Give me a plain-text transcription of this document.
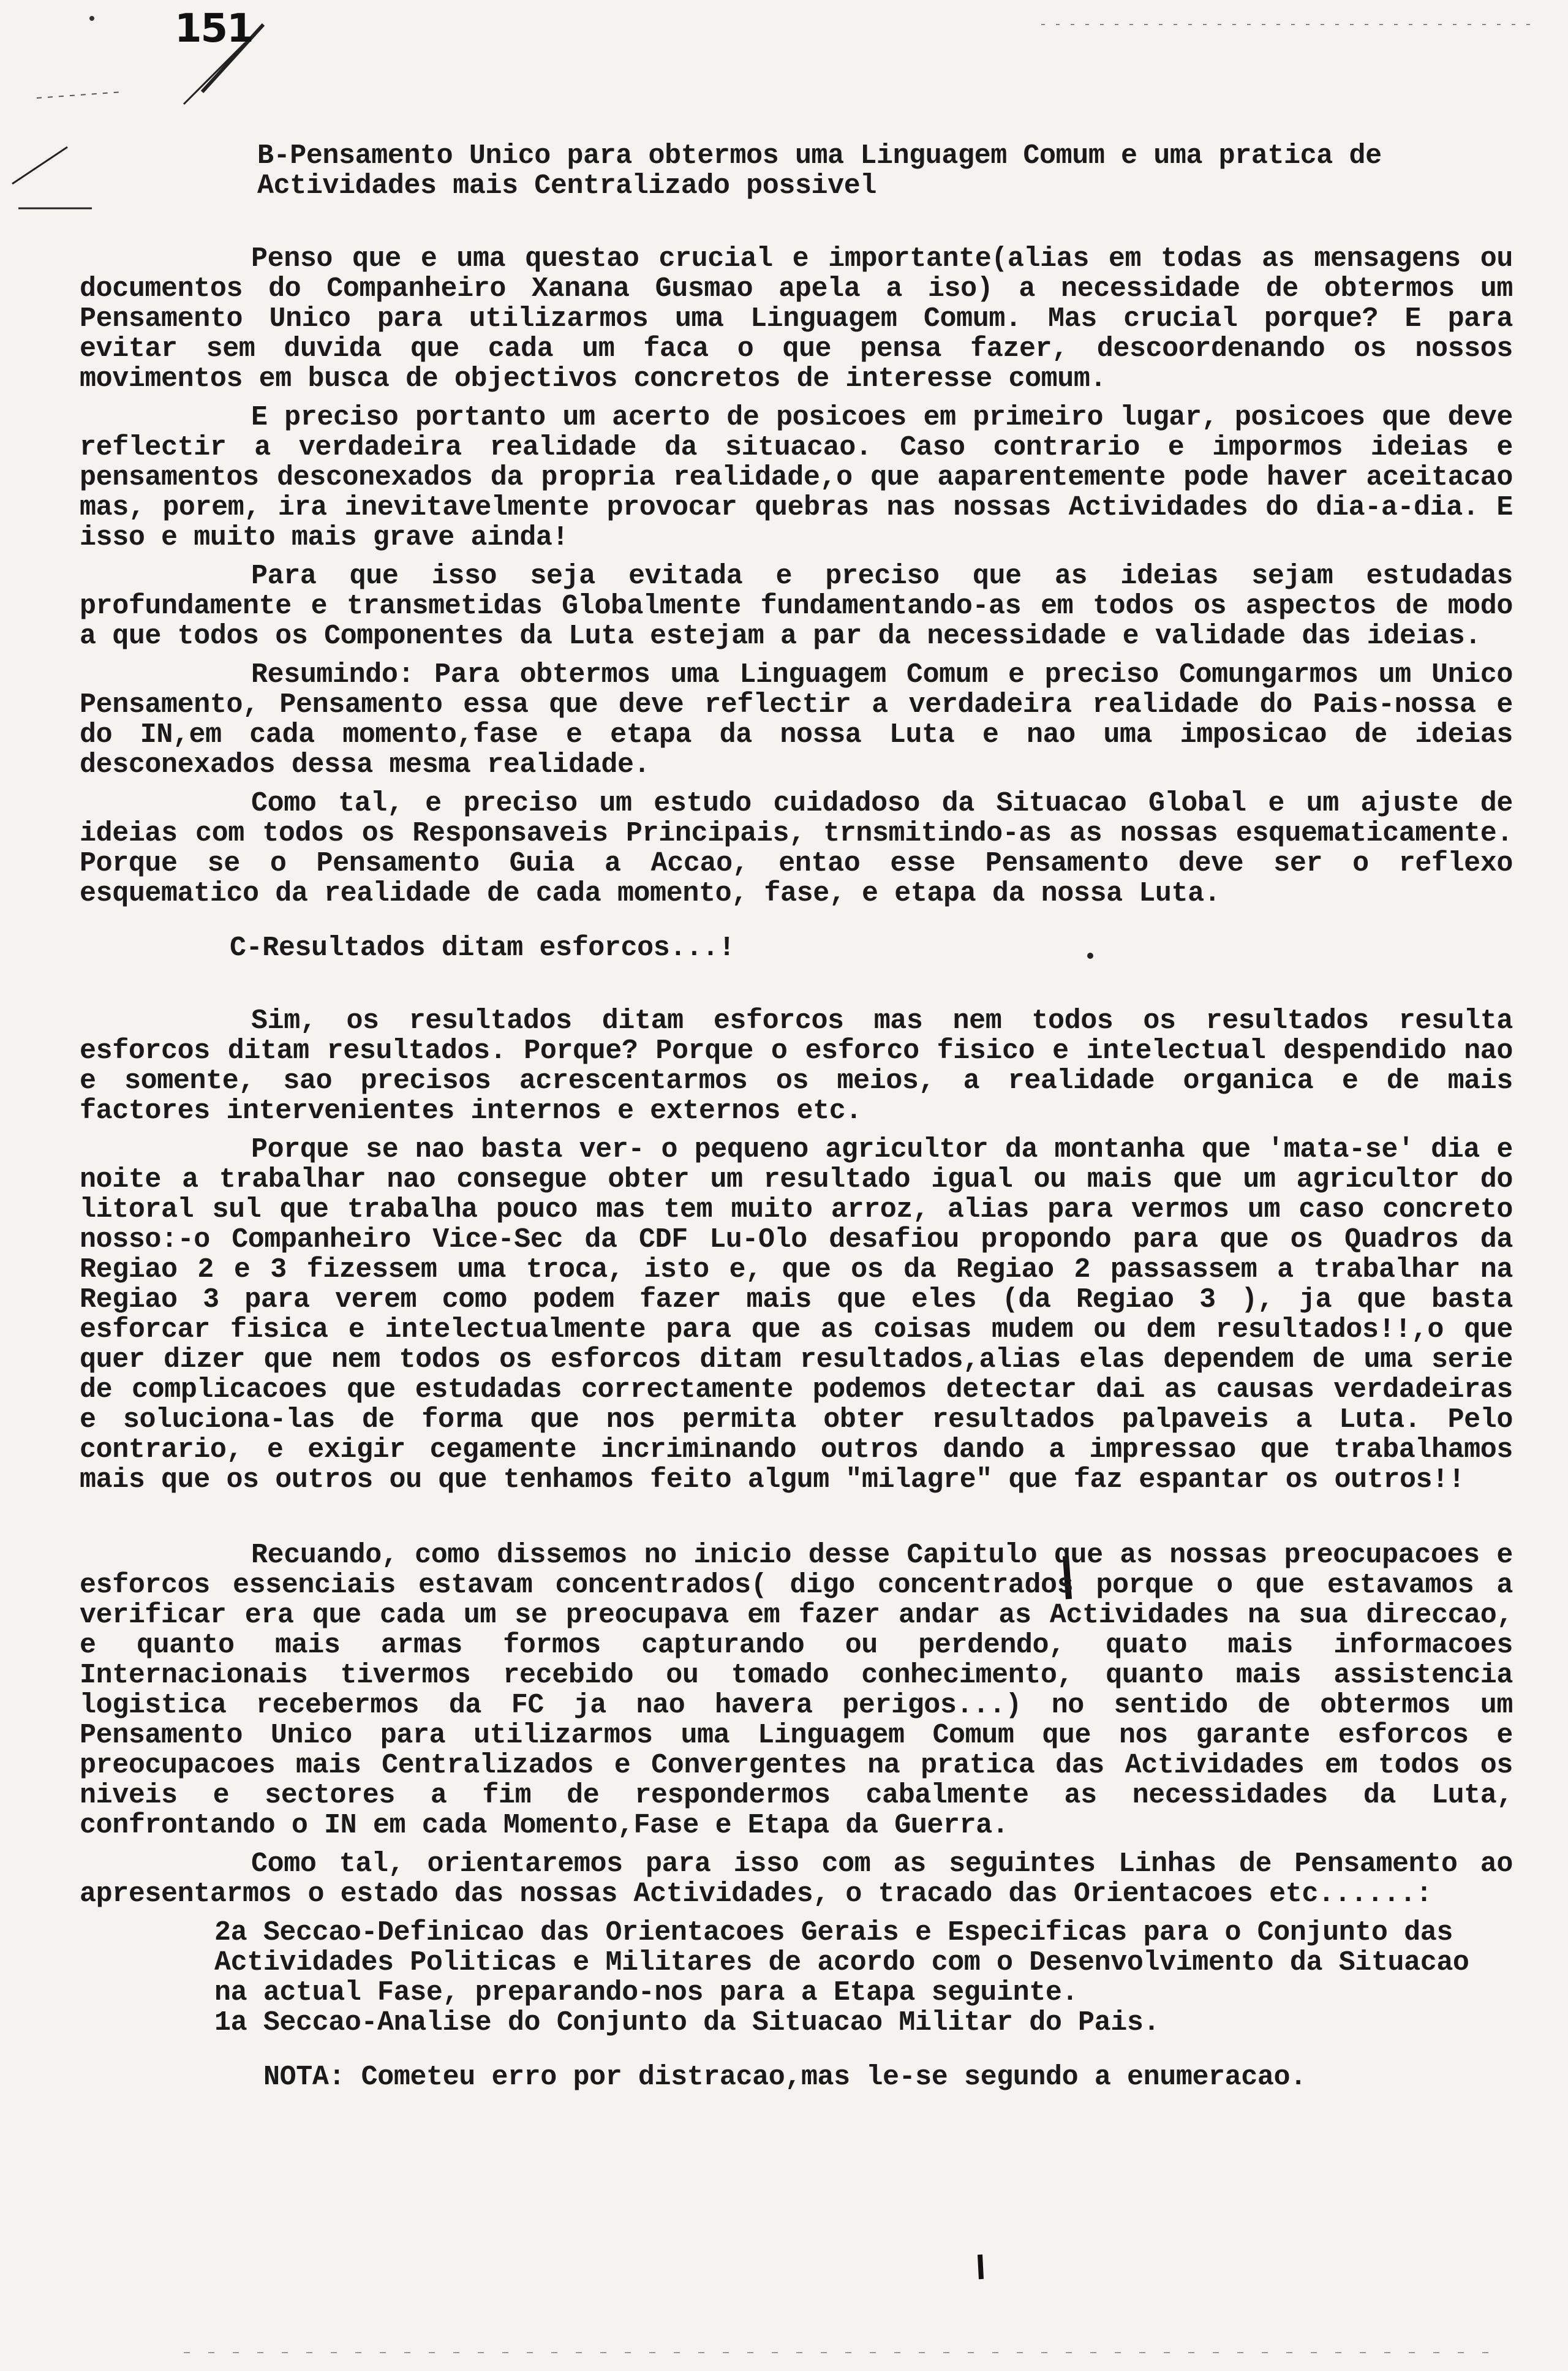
151

B-Pensamento Unico para obtermos uma Linguagem Comum e uma pratica de Actividades mais Centralizado possivel

Penso que e uma questao crucial e importante(alias em todas as mensagens ou documentos do Companheiro Xanana Gusmao apela a iso) a necessidade de obtermos um Pensamento Unico para utilizarmos uma Linguagem Comum. Mas crucial porque? E para evitar sem duvida que cada um faca o que pensa fazer, descoordenando os nossos movimentos em busca de objectivos concretos de interesse comum.

E preciso portanto um acerto de posicoes em primeiro lugar, posicoes que deve reflectir a verdadeira realidade da situacao. Caso contrario e impormos ideias e pensamentos desconexados da propria realidade,o que aaparentemente pode haver aceitacao mas, porem, ira inevitavelmente provocar quebras nas nossas Actividades do dia-a-dia. E isso e muito mais grave ainda!

Para que isso seja evitada e preciso que as ideias sejam estudadas profundamente e transmetidas Globalmente fundamentando-as em todos os aspectos de modo a que todos os Componentes da Luta estejam a par da necessidade e validade das ideias.

Resumindo: Para obtermos uma Linguagem Comum e preciso Comungarmos um Unico Pensamento, Pensamento essa que deve reflectir a verdadeira realidade do Pais-nossa e do IN,em cada momento,fase e etapa da nossa Luta e nao uma imposicao de ideias desconexados dessa mesma realidade.

Como tal, e preciso um estudo cuidadoso da Situacao Global e um ajuste de ideias com todos os Responsaveis Principais, trnsmitindo-as as nossas esquematicamente. Porque se o Pensamento Guia a Accao, entao esse Pensamento deve ser o reflexo esquematico da realidade de cada momento, fase, e etapa da nossa Luta.

C-Resultados ditam esforcos...!

Sim, os resultados ditam esforcos mas nem todos os resultados resulta esforcos ditam resultados. Porque? Porque o esforco fisico e intelectual despendido nao e somente, sao precisos acrescentarmos os meios, a realidade organica e de mais factores intervenientes internos e externos etc.

Porque se nao basta ver- o pequeno agricultor da montanha que 'mata-se' dia e noite a trabalhar nao consegue obter um resultado igual ou mais que um agricultor do litoral sul que trabalha pouco mas tem muito arroz, alias para vermos um caso concreto nosso:-o Companheiro Vice-Sec da CDF Lu-Olo desafiou propondo para que os Quadros da Regiao 2 e 3 fizessem uma troca, isto e, que os da Regiao 2 passassem a trabalhar na Regiao 3 para verem como podem fazer mais que eles (da Regiao 3 ), ja que basta esforcar fisica e intelectualmente para que as coisas mudem ou dem resultados!!,o que quer dizer que nem todos os esforcos ditam resultados,alias elas dependem de uma serie de complicacoes que estudadas correctamente podemos detectar dai as causas verdadeiras e soluciona-las de forma que nos permita obter resultados palpaveis a Luta. Pelo contrario, e exigir cegamente incriminando outros dando a impressao que trabalhamos mais que os outros ou que tenhamos feito algum "milagre" que faz espantar os outros!!

Recuando, como dissemos no inicio desse Capitulo que as nossas preocupacoes e esforcos essenciais estavam concentrados( digo concentrados porque o que estavamos a verificar era que cada um se preocupava em fazer andar as Actividades na sua direccao, e quanto mais armas formos capturando ou perdendo, quato mais informacoes Internacionais tivermos recebido ou tomado conhecimento, quanto mais assistencia logistica recebermos da FC ja nao havera perigos...) no sentido de obtermos um Pensamento Unico para utilizarmos uma Linguagem Comum que nos garante esforcos e preocupacoes mais Centralizados e Convergentes na pratica das Actividades em todos os niveis e sectores a fim de respondermos cabalmente as necessidades da Luta, confrontando o IN em cada Momento,Fase e Etapa da Guerra.

Como tal, orientaremos para isso com as seguintes Linhas de Pensamento ao apresentarmos o estado das nossas Actividades, o tracado das Orientacoes etc......:

2a Seccao-Definicao das Orientacoes Gerais e Especificas para o Conjunto das Actividades Politicas e Militares de acordo com o Desenvolvimento da Situacao na actual Fase, preparando-nos para a Etapa seguinte.

1a Seccao-Analise do Conjunto da Situacao Militar do Pais.

NOTA: Cometeu erro por distracao,mas le-se segundo a enumeracao.
